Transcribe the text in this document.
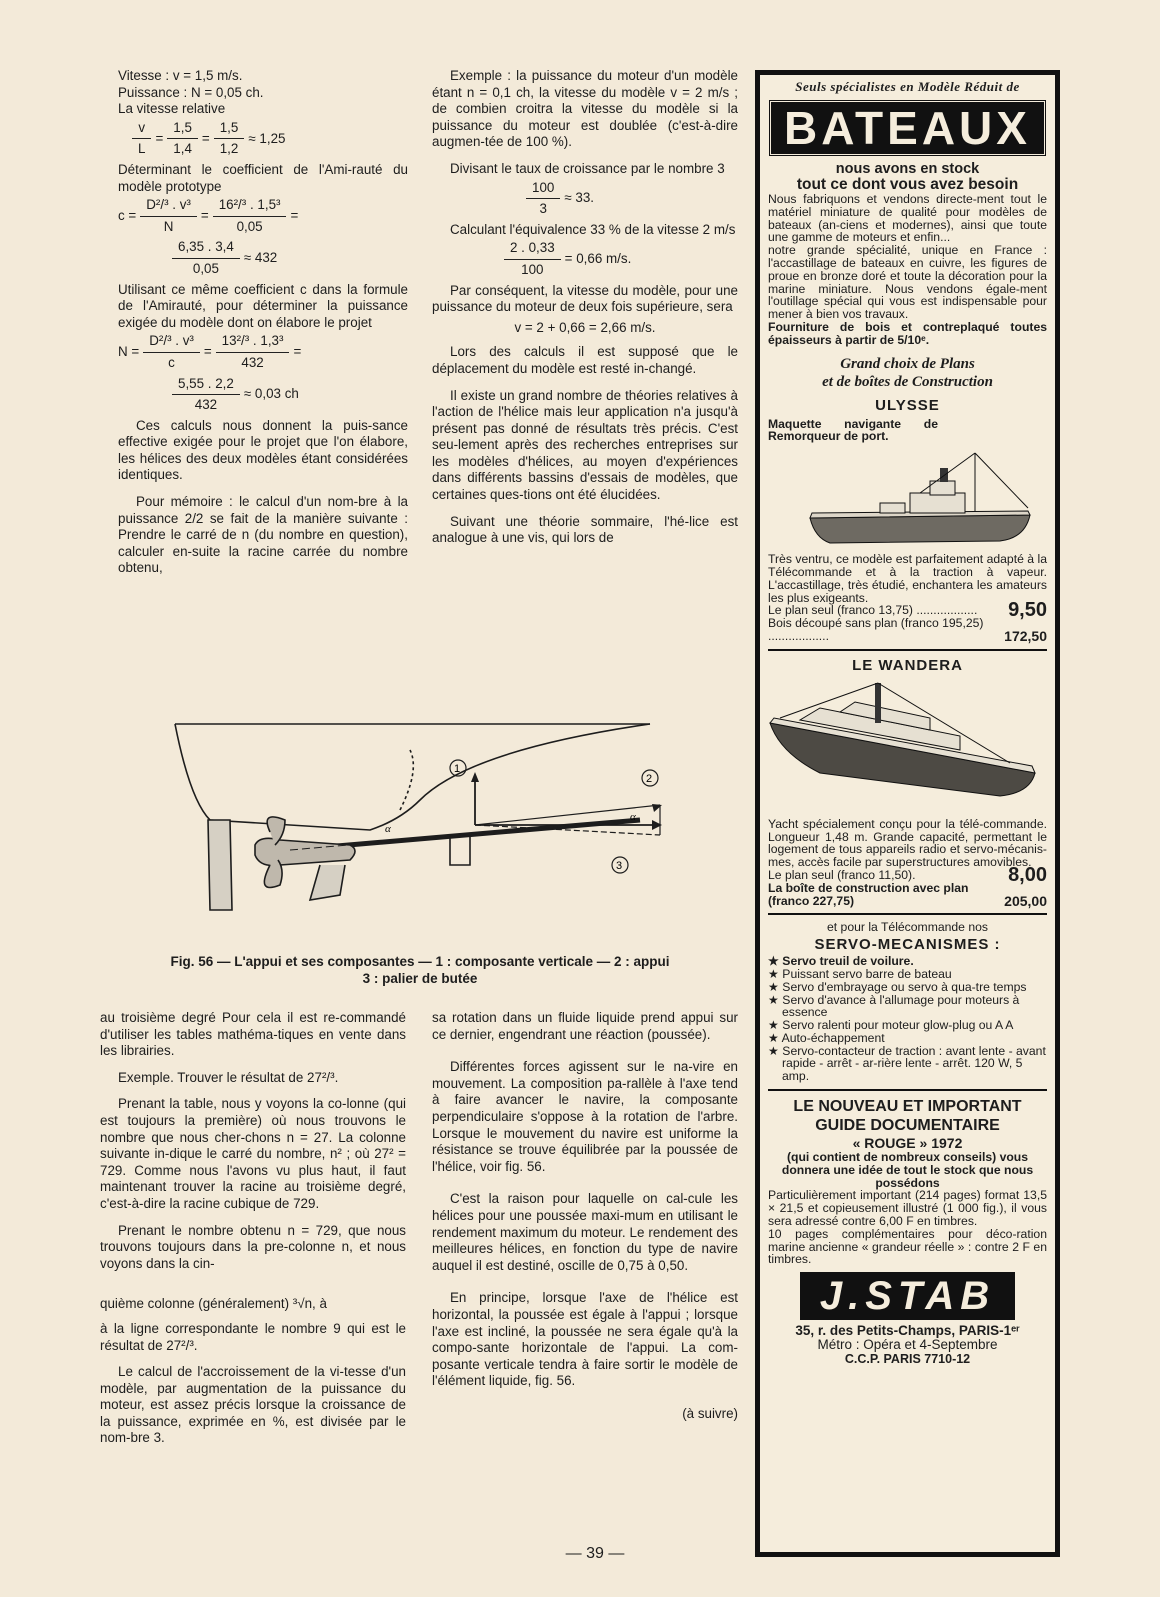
Vitesse : v = 1,5 m/s.
Puissance : N = 0,05 ch.
La vitesse relative
$\frac{v}{L} = \frac{1,5}{1,4} = \frac{1,5}{1,2} \approx 1,25$

Déterminant le coefficient de l'Ami-rauté du modèle prototype

$c = \frac{\text{D²/³ . v³}}{N} = \frac{\text{16²/³ . 1,5³}}{0,05}$ =
$\frac{6,35 . 3,4}{0,05} \approx 432$

Utilisant ce même coefficient c dans la formule de l'Amirauté, pour déterminer la puissance exigée du modèle dont on élabore le projet

$N = \frac{\text{D²/³ . v³}}{c} = \frac{\text{13²/³ . 1,3³}}{432}$ =
$\frac{5,55 . 2,2}{432} \approx 0,03$ ch

Ces calculs nous donnent la puis-sance effective exigée pour le projet que l'on élabore, les hélices des deux modèles étant considérées identiques.

Pour mémoire : le calcul d'un nom-bre à la puissance 2/2 se fait de la manière suivante : Prendre le carré de n (du nombre en question), calculer en-suite la racine carrée du nombre obtenu,

Exemple : la puissance du moteur d'un modèle étant n = 0,1 ch, la vitesse du modèle v = 2 m/s ; de combien croitra la vitesse du modèle si la puissance du moteur est doublée (c'est-à-dire augmen-tée de 100 %).

Divisant le taux de croissance par le nombre 3

$\frac{100}{3} \approx 33$.

Calculant l'équivalence 33 % de la vitesse 2 m/s

$\frac{2 . 0,33}{100} = 0,66$ m/s.

Par conséquent, la vitesse du modèle, pour une puissance du moteur de deux fois supérieure, sera

v = 2 + 0,66 = 2,66 m/s.

Lors des calculs il est supposé que le déplacement du modèle est resté in-changé.

Il existe un grand nombre de théories relatives à l'action de l'hélice mais leur application n'a jusqu'à présent pas donné de résultats très précis. C'est seu-lement après des recherches entreprises sur les modèles d'hélices, au moyen d'expériences dans différents bassins d'essais de modèles, que certaines ques-tions ont été élucidées.

Suivant une théorie sommaire, l'hé-lice est analogue à une vis, qui lors de

1
2
3
α
α
Fig. 56 — L'appui et ses composantes — 1 : composante verticale — 2 : appui
3 : palier de butée

au troisième degré Pour cela il est re-commandé d'utiliser les tables mathéma-tiques en vente dans les librairies.

Exemple. Trouver le résultat de 27²/³.

Prenant la table, nous y voyons la co-lonne (qui est toujours la première) où nous trouvons le nombre que nous cher-chons n = 27. La colonne suivante in-dique le carré du nombre, n² ; où 27² = 729. Comme nous l'avons vu plus haut, il faut maintenant trouver la racine au troisième degré, c'est-à-dire la racine cubique de 729.

Prenant le nombre obtenu n = 729, que nous trouvons toujours dans la pre-colonne n, et nous voyons dans la cin-

quième colonne (généralement) ³√n, à

à la ligne correspondante le nombre 9 qui est le résultat de 27²/³.

Le calcul de l'accroissement de la vi-tesse d'un modèle, par augmentation de la puissance du moteur, est assez précis lorsque la croissance de la puissance, exprimée en %, est divisée par le nom-bre 3.

sa rotation dans un fluide liquide prend appui sur ce dernier, engendrant une réaction (poussée).

Différentes forces agissent sur le na-vire en mouvement. La composition pa-rallèle à l'axe tend à faire avancer le navire, la composante perpendiculaire s'oppose à la rotation de l'arbre. Lorsque le mouvement du navire est uniforme la résistance se trouve équilibrée par la poussée de l'hélice, voir fig. 56.

C'est la raison pour laquelle on cal-cule les hélices pour une poussée maxi-mum en utilisant le rendement maximum du moteur. Le rendement des meilleures hélices, en fonction du type de navire auquel il est destiné, oscille de 0,75 à 0,50.

En principe, lorsque l'axe de l'hélice est horizontal, la poussée est égale à l'appui ; lorsque l'axe est incliné, la poussée ne sera égale qu'à la compo-sante horizontale de l'appui. La com-posante verticale tendra à faire sortir le modèle de l'élément liquide, fig. 56.

(à suivre)
Seuls spécialistes en Modèle Réduit de
BATEAUX
nous avons en stock
tout ce dont vous avez besoin
Nous fabriquons et vendons directe-ment tout le matériel miniature de qualité pour modèles de bateaux (an-ciens et modernes), ainsi que toute une gamme de moteurs et enfin...
notre grande spécialité, unique en France : l'accastillage de bateaux en cuivre, les figures de proue en bronze doré et toute la décoration pour la marine miniature. Nous vendons égale-ment l'outillage spécial qui vous est indispensable pour mener à bien vos travaux.
Fourniture de bois et contreplaqué toutes épaisseurs à partir de 5/10ᵉ.
Grand choix de Plans
et de boîtes de Construction
ULYSSE
Maquette navigante de Remorqueur de port.
Très ventru, ce modèle est parfaitement adapté à la Télécommande et à la traction à vapeur. L'accastillage, très étudié, enchantera les amateurs les plus exigeants.
Le plan seul (franco 13,75) ..................	9,50
Bois découpé sans plan (franco 195,25) ..................	172,50
LE WANDERA
Yacht spécialement conçu pour la télé-commande. Longueur 1,48 m. Grande capacité, permettant le logement de tous appareils radio et servo-mécanis-mes, accès facile par superstructures amovibles.
Le plan seul (franco 11,50).	8,00
La boîte de construction avec plan (franco 227,75)	205,00
et pour la Télécommande nos
SERVO-MECANISMES :
★ Servo treuil de voilure.
★ Puissant servo barre de bateau
★ Servo d'embrayage ou servo à qua-tre temps
★ Servo d'avance à l'allumage pour moteurs à essence
★ Servo ralenti pour moteur glow-plug ou A A
★ Auto-échappement
★ Servo-contacteur de traction : avant lente - avant rapide - arrêt - ar-rière lente - arrêt. 120 W, 5 amp.
LE NOUVEAU ET IMPORTANT
GUIDE DOCUMENTAIRE
« ROUGE » 1972
(qui contient de nombreux conseils) vous donnera une idée de tout le stock que nous possédons
Particulièrement important (214 pages) format 13,5 × 21,5 et copieusement illustré (1 000 fig.), il vous sera adressé contre 6,00 F en timbres.
10 pages complémentaires pour déco-ration marine ancienne « grandeur réelle » : contre 2 F en timbres.
J.STAB
35, r. des Petits-Champs, PARIS-1ᵉʳ
Métro : Opéra et 4-Septembre
C.C.P. PARIS 7710-12
— 39 —
